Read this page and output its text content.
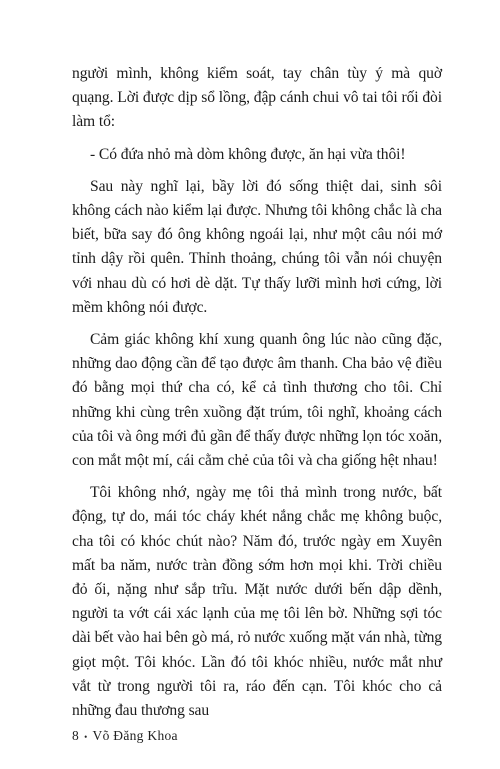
người mình, không kiểm soát, tay chân tùy ý mà quờ quạng. Lời được dịp sổ lồng, đập cánh chui vô tai tôi rối đòi làm tổ:

- Có đứa nhỏ mà dòm không được, ăn hại vừa thôi!

Sau này nghĩ lại, bầy lời đó sống thiệt dai, sinh sôi không cách nào kiểm lại được. Nhưng tôi không chắc là cha biết, bữa say đó ông không ngoái lại, như một câu nói mớ tỉnh dậy rồi quên. Thỉnh thoảng, chúng tôi vẫn nói chuyện với nhau dù có hơi dè dặt. Tự thấy lưỡi mình hơi cứng, lời mềm không nói được.

Cảm giác không khí xung quanh ông lúc nào cũng đặc, những dao động cần để tạo được âm thanh. Cha bảo vệ điều đó bằng mọi thứ cha có, kể cả tình thương cho tôi. Chỉ những khi cùng trên xuồng đặt trúm, tôi nghĩ, khoảng cách của tôi và ông mới đủ gần để thấy được những lọn tóc xoăn, con mắt một mí, cái cằm chẻ của tôi và cha giống hệt nhau!

Tôi không nhớ, ngày mẹ tôi thả mình trong nước, bất động, tự do, mái tóc cháy khét nắng chắc mẹ không buộc, cha tôi có khóc chút nào? Năm đó, trước ngày em Xuyên mất ba năm, nước tràn đồng sớm hơn mọi khi. Trời chiều đỏ ối, nặng như sắp trĩu. Mặt nước dưới bến dập dềnh, người ta vớt cái xác lạnh của mẹ tôi lên bờ. Những sợi tóc dài bết vào hai bên gò má, rỏ nước xuống mặt ván nhà, từng giọt một. Tôi khóc. Lần đó tôi khóc nhiều, nước mắt như vắt từ trong người tôi ra, ráo đến cạn. Tôi khóc cho cả những đau thương sau

8 • Võ Đăng Khoa
